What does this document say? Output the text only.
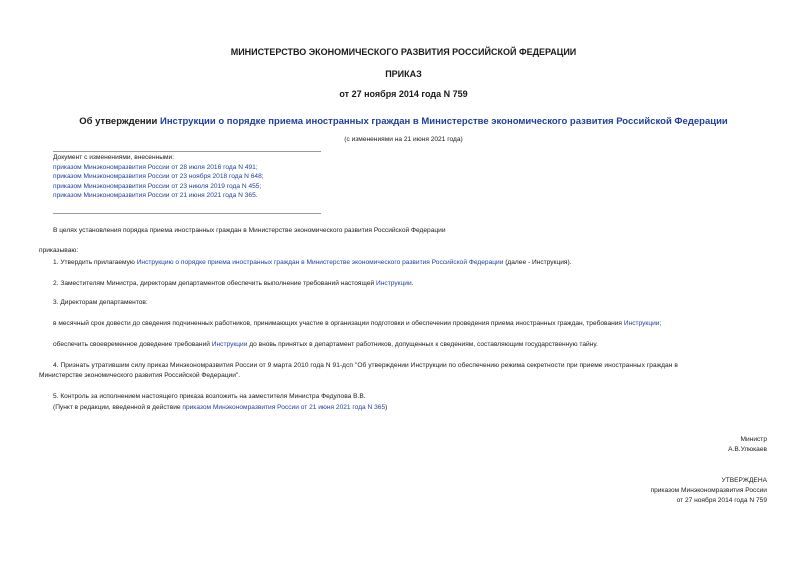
МИНИСТЕРСТВО ЭКОНОМИЧЕСКОГО РАЗВИТИЯ РОССИЙСКОЙ ФЕДЕРАЦИИ
ПРИКАЗ
от 27 ноября 2014 года N 759
Об утверждении Инструкции о порядке приема иностранных граждан в Министерстве экономического развития Российской Федерации
(с изменениями на 21 июня 2021 года)
Документ с изменениями, внесенными:
приказом Минэкономразвития России от 28 июля 2016 года N 491;
приказом Минэкономразвития России от 23 ноября 2018 года N 648;
приказом Минэкономразвития России от 23 ниюля 2019 года N 455;
приказом Минэкономразвития России от 21 июня 2021 года N 365.
В целях установления порядка приема иностранных граждан в Министерстве экономического развития Российской Федерации
приказываю:
1. Утвердить прилагаемую Инструкцию о порядке приема иностранных граждан в Министерстве экономического развития Российской Федерации (далее - Инструкция).
2. Заместителям Министра, директорам департаментов обеспечить выполнение требований настоящей Инструкции.
3. Директорам департаментов:
в месячный срок довести до сведения подчиненных работников, принимающих участие в организации подготовки и обеспечении проведения приема иностранных граждан, требования Инструкции;
обеспечить своевременное доведение требований Инструкции до вновь принятых в департамент работников, допущенных к сведениям, составляющим государственную тайну.
4. Признать утратившим силу приказ Минэкономразвития России от 9 марта 2010 года N 91-дсп "Об утверждении Инструкции по обеспечению режима секретности при приеме иностранных граждан в
Министерстве экономического развития Российской Федерации".
5. Контроль за исполнением настоящего приказа возложить на заместителя Министра Федулова В.В.
(Пункт в редакции, введенной в действие приказом Минэкономразвития России от 21 июня 2021 года N 365)
Министр
А.В.Улюкаев
УТВЕРЖДЕНА
приказом Минэкономразвития России
от 27 ноября 2014 года N 759
